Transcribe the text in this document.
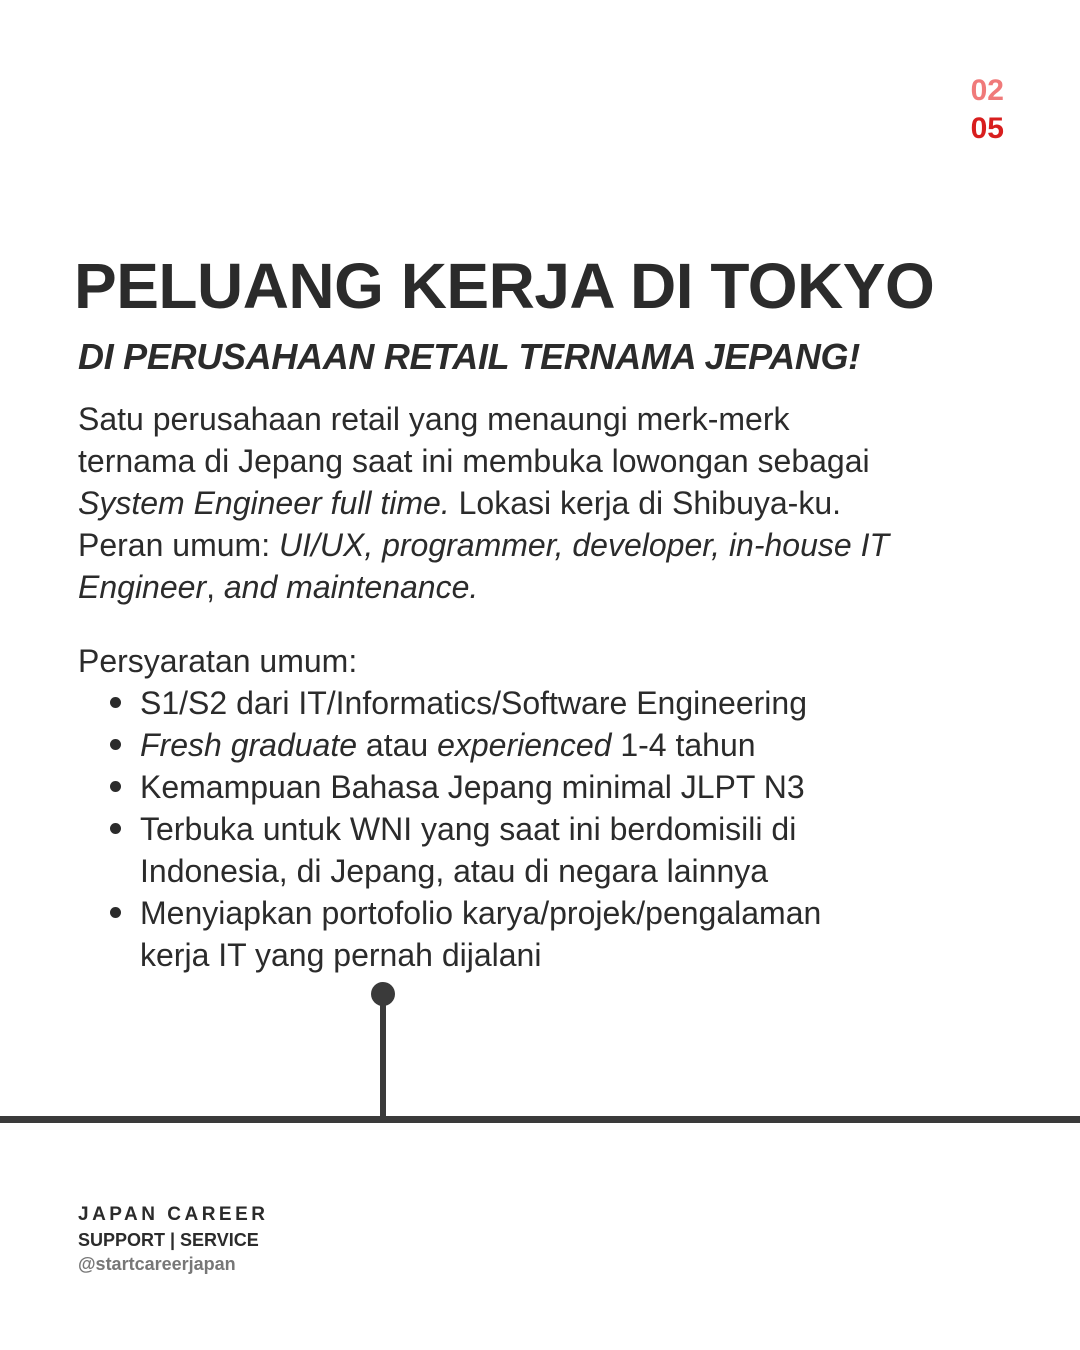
02
05
PELUANG KERJA DI TOKYO
DI PERUSAHAAN RETAIL TERNAMA JEPANG!

Satu perusahaan retail yang menaungi merk-merk
ternama di Jepang saat ini membuka lowongan sebagai
System Engineer full time. Lokasi kerja di Shibuya-ku.
Peran umum: UI/UX, programmer, developer, in-house IT
Engineer, and maintenance.

Persyaratan umum:
S1/S2 dari IT/Informatics/Software Engineering
Fresh graduate atau experienced 1-4 tahun
Kemampuan Bahasa Jepang minimal JLPT N3
Terbuka untuk WNI yang saat ini berdomisili di
Indonesia, di Jepang, atau di negara lainnya
Menyiapkan portofolio karya/projek/pengalaman
kerja IT yang pernah dijalani
JAPAN CAREER
SUPPORT | SERVICE
@startcareerjapan
